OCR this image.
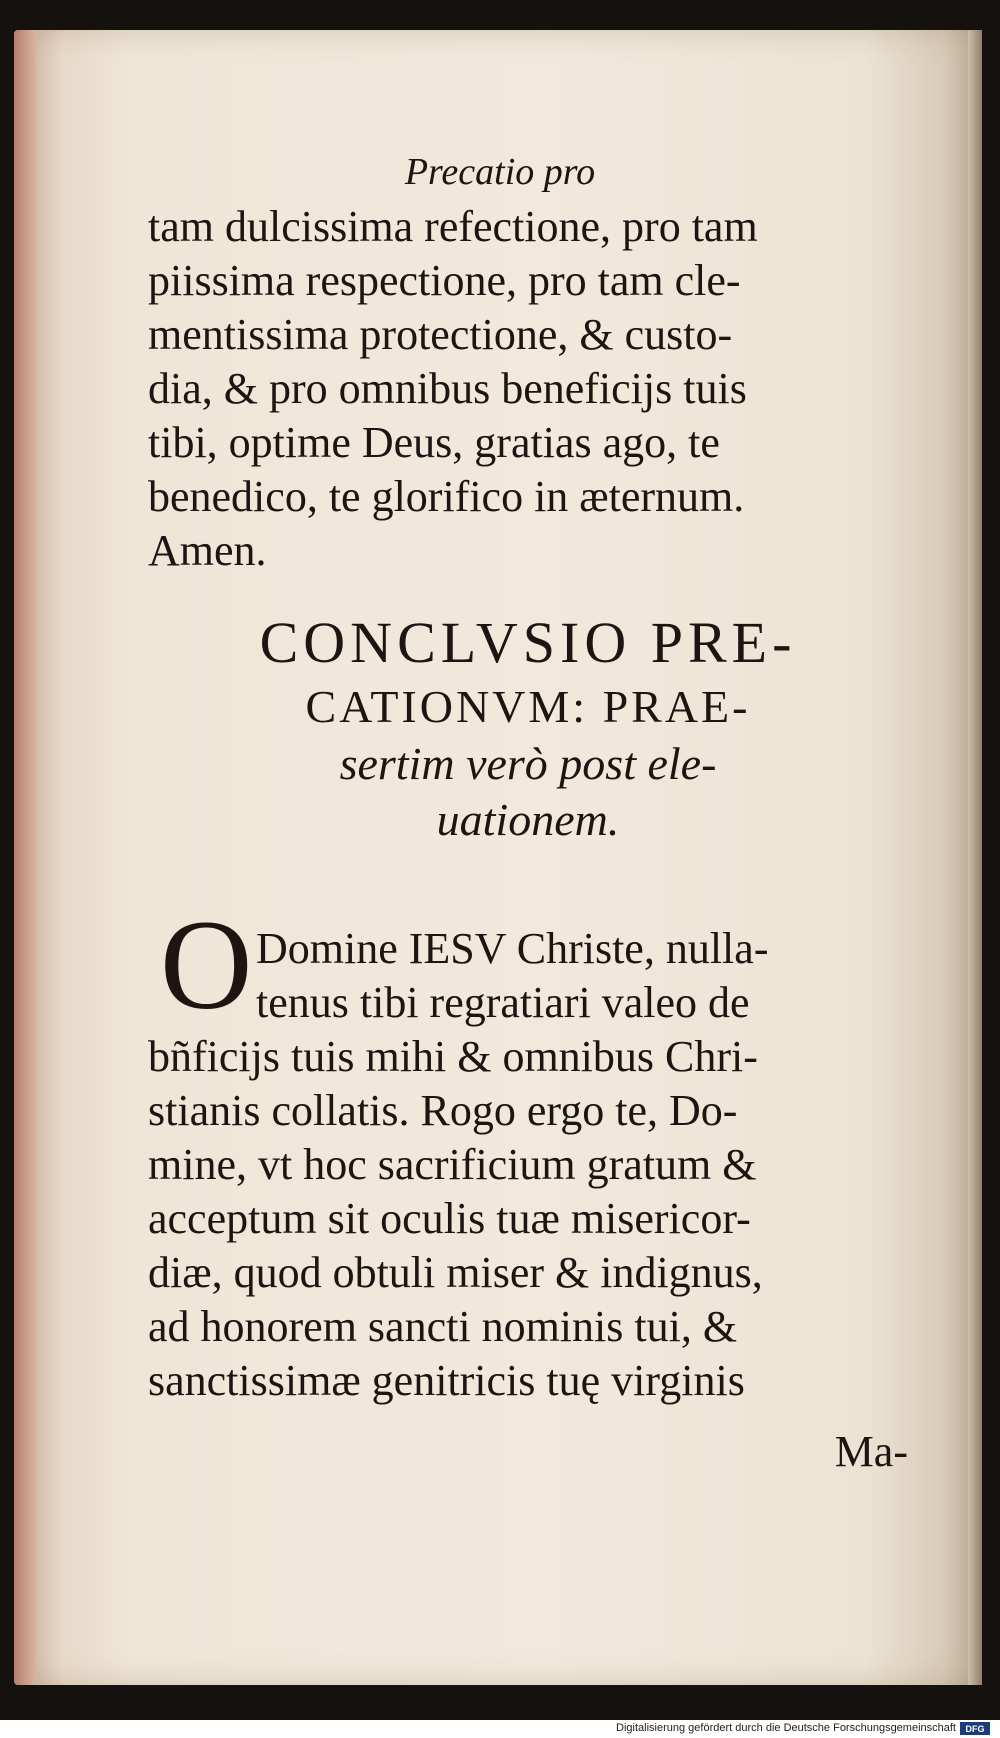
Precatio pro
tam dulcissima refectione, pro tam
piissima respectione, pro tam cle-
mentissima protectione, & custo-
dia, & pro omnibus beneficijs tuis
tibi, optime Deus, gratias ago, te
benedico, te glorifico in æternum.
Amen.
CONCLVSIO PRE-
CATIONVM: PRAE-
sertim verò post ele-
uationem.
O Domine IESV Christe, nulla-
tenus tibi regratiari valeo de
bñficijs tuis mihi & omnibus Chri-
stianis collatis. Rogo ergo te, Do-
mine, vt hoc sacrificium gratum &
acceptum sit oculis tuæ misericor-
diæ, quod obtuli miser & indignus,
ad honorem sancti nominis tui, &
sanctissimæ genitricis tuę virginis
Ma-
Digitalisierung gefördert durch die Deutsche Forschungsgemeinschaft	DFG
